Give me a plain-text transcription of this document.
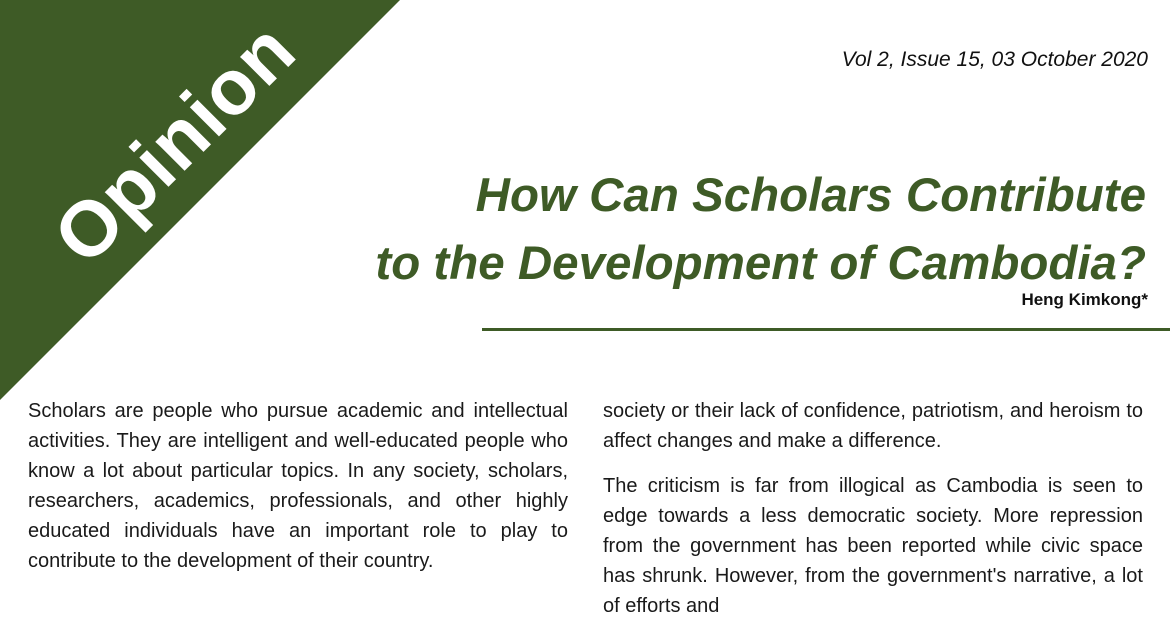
Opinion	Vol 2, Issue 15, 03 October 2020
How Can Scholars Contribute
to the Development of Cambodia?
Heng Kimkong*

Scholars are people who pursue academic and intellectual activities. They are intelligent and well-educated people who know a lot about particular topics. In any society, scholars, researchers, academics, professionals, and other highly educated individuals have an important role to play to contribute to the development of their country.

society or their lack of confidence, patriotism, and heroism to affect changes and make a difference.

The criticism is far from illogical as Cambodia is seen to edge towards a less democratic society. More repression from the government has been reported while civic space has shrunk. However, from the government's narrative, a lot of efforts and
